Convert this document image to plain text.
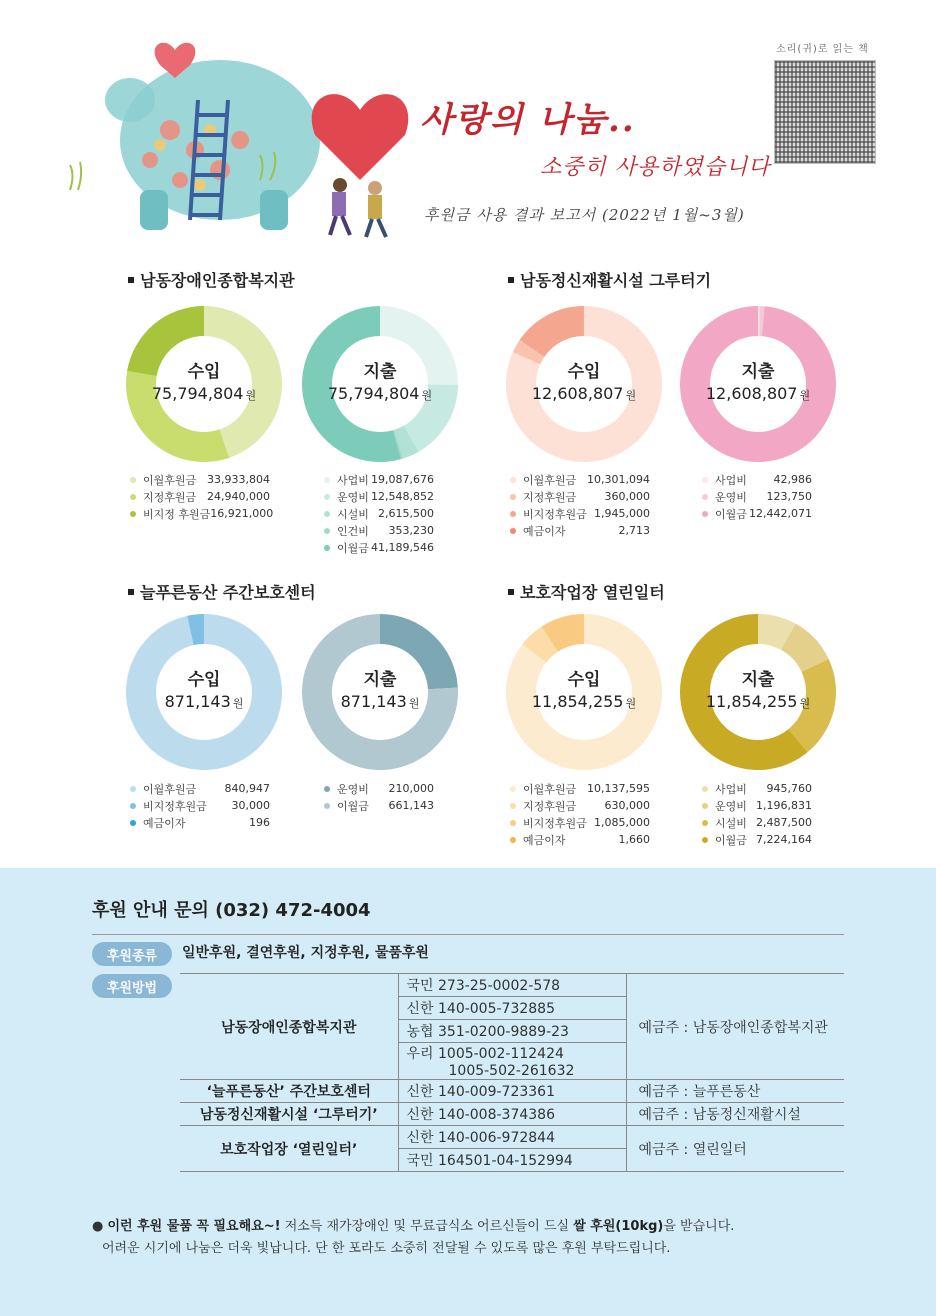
사랑의 나눔..
소중히 사용하였습니다
후원금 사용 결과 보고서 (2022년 1월~3월)
소리(귀)로 읽는 책
남동장애인종합복지관
수입
75,794,804 원
이월후원금 33,933,804
지정후원금 24,940,000
비지정 후원금 16,921,000
지출
75,794,804 원
사업비 19,087,676
운영비 12,548,852
시설비 2,615,500
인건비 353,230
이월금 41,189,546
남동정신재활시설 그루터기
수입
12,608,807 원
이월후원금 10,301,094
지정후원금	360,000
비지정후원금 1,945,000
예금이자	2,713
지출
12,608,807 원
사업비 42,986
운영비 123,750
이월금 12,442,071
늘푸른동산 주간보호센터
수입
871,143 원
이월후원금	840,947
비지정후원금 30,000
예금이자	196
지출
871,143 원
운영비 210,000
이월금 661,143
보호작업장 열린일터
수입
11,854,255 원
이월후원금 10,137,595
지정후원금	630,000
비지정후원금 1,085,000
예금이자	1,660
지출
11,854,255 원
사업비 945,760
운영비 1,196,831
시설비 2,487,500
이월금 7,224,164
후원 안내 문의 (032) 472-4004
후원종류	일반후원, 결연후원, 지정후원, 물품후원
후원방법
남동장애인종합복지관	국민 273-25-0002-578	예금주 : 남동장애인종합복지관
	신한 140-005-732885	
	농협 351-0200-9889-23	
	우리 1005-002-112424
1005-502-261632	

‘늘푸른동산’ 주간보호센터	신한 140-009-723361	예금주 : 늘푸른동산
남동정신재활시설 ‘그루터기’	신한 140-008-374386	예금주 : 남동정신재활시설
보호작업장 ‘열린일터’	신한 140-006-972844	예금주 : 열린일터
	국민 164501-04-152994	
● 이런 후원 물품 꼭 필요해요~! 저소득 재가장애인 및 무료급식소 어르신들이 드실 쌀 후원(10kg)을 받습니다.
어려운 시기에 나눔은 더욱 빛납니다. 단 한 포라도 소중히 전달될 수 있도록 많은 후원 부탁드립니다.
